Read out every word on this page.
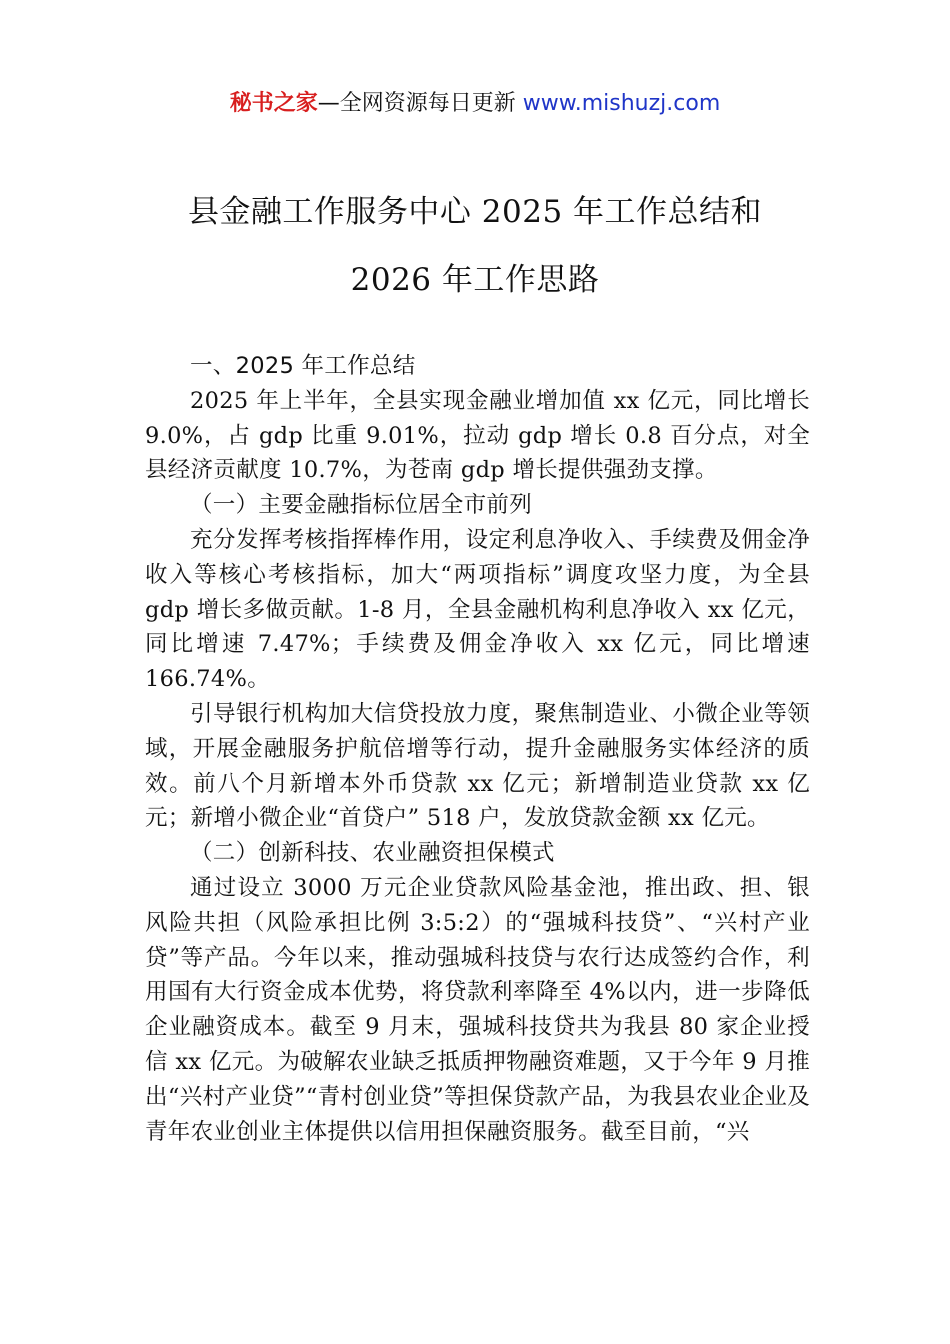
秘书之家—全网资源每日更新 www.mishuzj.com
县金融工作服务中心 2025 年工作总结和
2026 年工作思路

一、2025 年工作总结

2025 年上半年，全县实现金融业增加值 xx 亿元，同比增长 9.0%，占 gdp 比重 9.01%，拉动 gdp 增长 0.8 百分点，对全县经济贡献度 10.7%，为苍南 gdp 增长提供强劲支撑。

（一）主要金融指标位居全市前列

充分发挥考核指挥棒作用，设定利息净收入、手续费及佣金净收入等核心考核指标，加大“两项指标”调度攻坚力度，为全县 gdp 增长多做贡献。1-8 月，全县金融机构利息净收入 xx 亿元，同比增速 7.47%；手续费及佣金净收入 xx 亿元，同比增速 166.74%。

引导银行机构加大信贷投放力度，聚焦制造业、小微企业等领域，开展金融服务护航倍增等行动，提升金融服务实体经济的质效。前八个月新增本外币贷款 xx 亿元；新增制造业贷款 xx 亿元；新增小微企业“首贷户” 518 户，发放贷款金额 xx 亿元。

（二）创新科技、农业融资担保模式

通过设立 3000 万元企业贷款风险基金池，推出政、担、银风险共担（风险承担比例 3:5:2）的“强城科技贷”、“兴村产业贷”等产品。今年以来，推动强城科技贷与农行达成签约合作，利用国有大行资金成本优势，将贷款利率降至 4%以内，进一步降低企业融资成本。截至 9 月末，强城科技贷共为我县 80 家企业授信 xx 亿元。为破解农业缺乏抵质押物融资难题，又于今年 9 月推出“兴村产业贷”“青村创业贷”等担保贷款产品，为我县农业企业及青年农业创业主体提供以信用担保融资服务。截至目前，“兴
